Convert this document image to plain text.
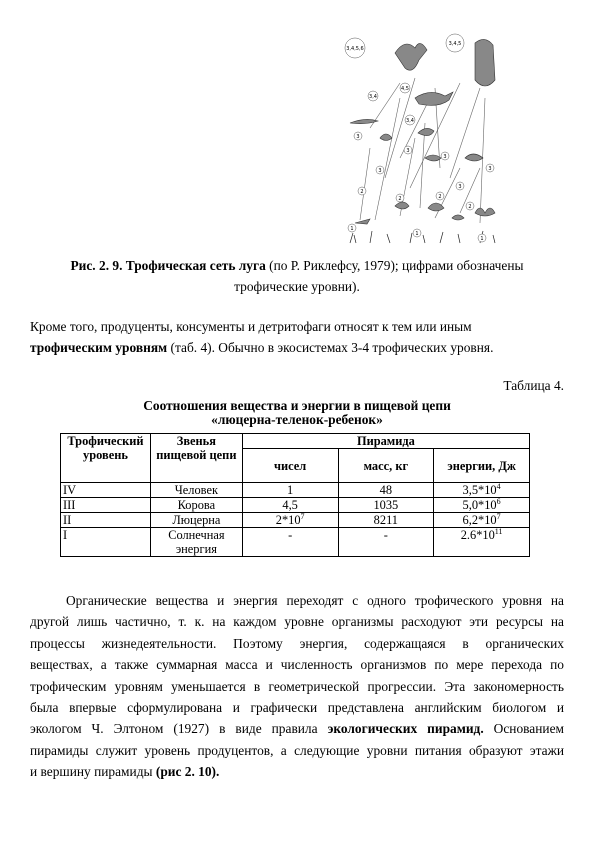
3,4,5,6
3,4,5
4,5
3,4
3,4
3
3
3
3
3
2
2	2
2
1
1
1
3
Рис. 2. 9. Трофическая сеть луга (по Р. Риклефсу, 1979); цифрами обозначены
трофические уровни).
Кроме того, продуценты, консументы и детритофаги относят к тем или иным
трофическим уровням (таб. 4). Обычно в экосистемах 3-4 трофических уровня.
Таблица 4.
Соотношения вещества и энергии в пищевой цепи
«люцерна-теленок-ребенок»
Трофический уровень	Звенья пищевой цепи	Пирамида		
		чисел	масс, кг	энергии, Дж
IV	Человек	1	48	$3,5*10^4$
III	Корова	4,5	1035	$5,0*10^6$
II	Люцерна	$2*10^7$	8211	$6,2*10^7$
I	Солнечная энергия	-	-	$2.6*10^{11}$
Органические вещества и энергия переходят с одного трофического уровня на
другой лишь частично, т. к. на каждом уровне организмы расходуют эти ресурсы на
процессы жизнедеятельности. Поэтому энергия, содержащаяся в органических
веществах, а также суммарная масса и численность организмов по мере перехода по
трофическим уровням уменьшается в геометрической прогрессии. Эта закономерность
была впервые сформулирована и графически представлена английским биологом и
экологом Ч. Элтоном (1927) в виде правила экологических пирамид. Основанием
пирамиды служит уровень продуцентов, а следующие уровни питания образуют этажи
и вершину пирамиды (рис 2. 10).
